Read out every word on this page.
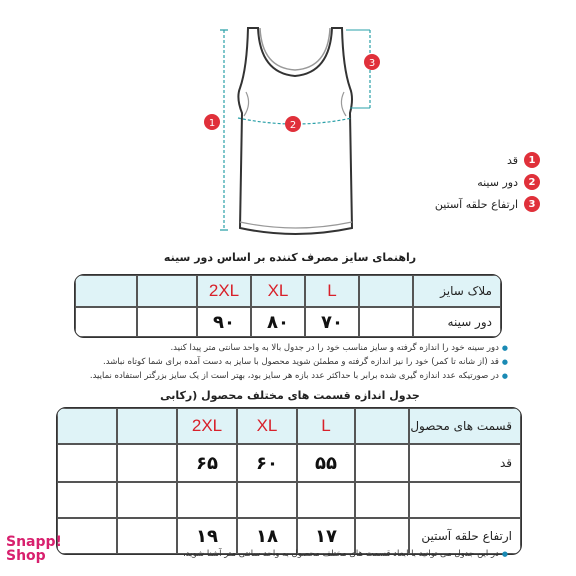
1	2
3
1
قد
2
دور سینه
3
ارتفاع حلقه آستین
راهنمای سایز مصرف کننده بر اساس دور سینه
		2XL	XL	L		ملاک سایز
		۹۰	۸۰	۷۰		دور سینه
● دور سینه خود را اندازه گرفته و سایز مناسب خود را در جدول بالا به واحد سانتی متر پیدا کنید.
● قد (از شانه تا کمر) خود را نیز اندازه گرفته و مطمئن شوید محصول با سایز به دست آمده برای شما کوتاه نباشد.
● در صورتیکه عدد اندازه گیری شده برابر با حداکثر عدد بازه هر سایز بود، بهتر است از یک سایز بزرگتر استفاده نمایید.
جدول اندازه قسمت های مختلف محصول (رکابی
		2XL	XL	L		قسمت های محصول
		۶۵	۶۰	۵۵		قد

		۱۹	۱۸	۱۷		ارتفاع حلقه آستین
● در این جدول می توانید با ابعاد قسمت های مختلف محصول به واحد سانتی متر آشنا شوید.
Snapp!
Shop
